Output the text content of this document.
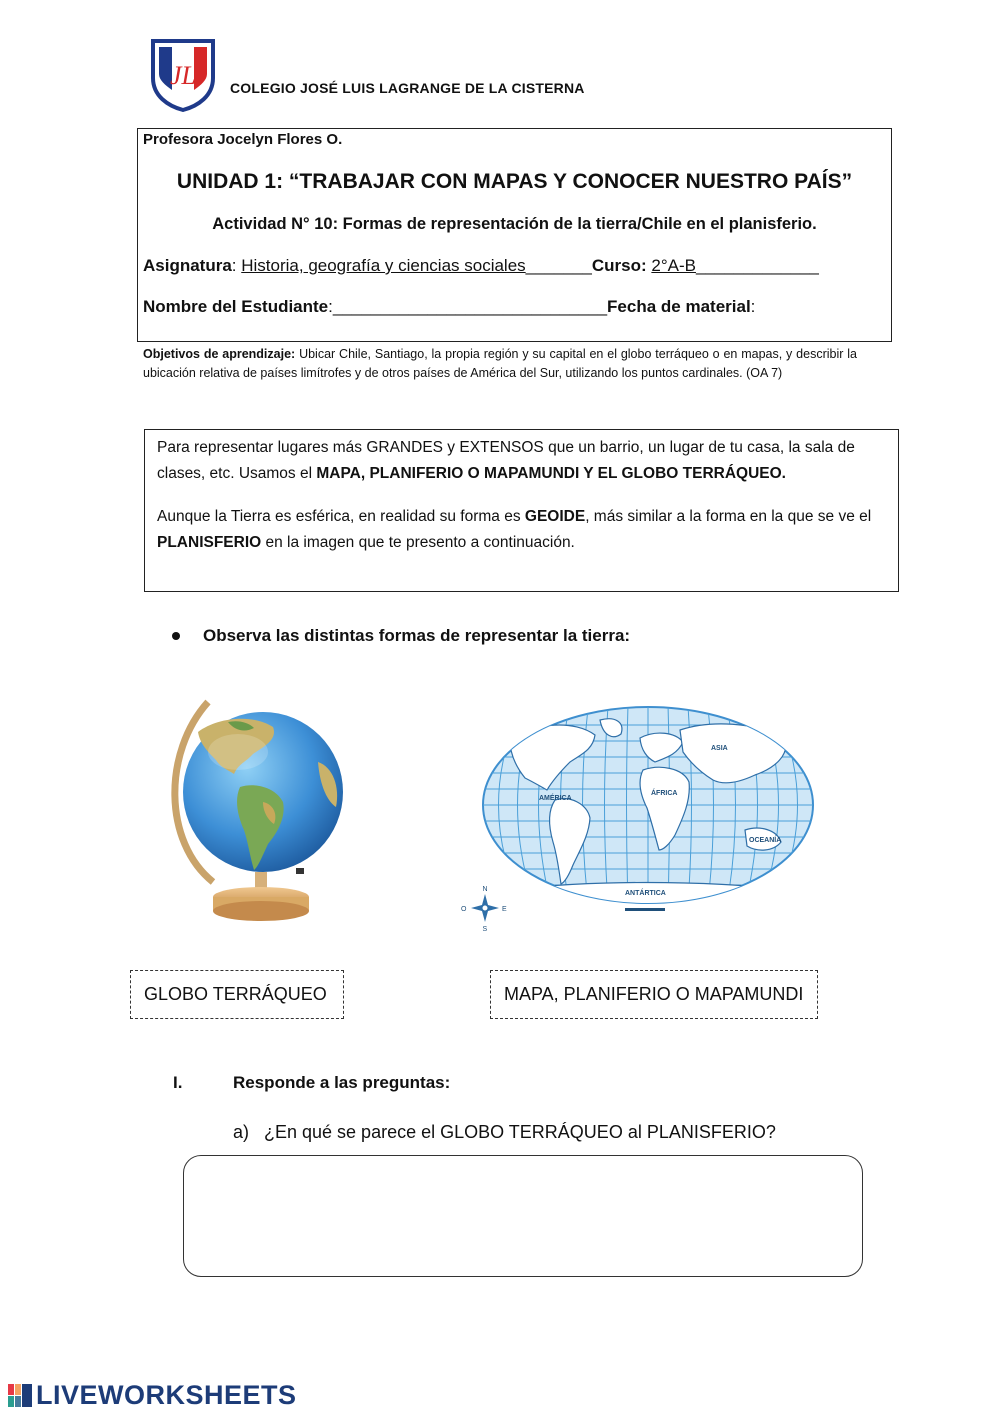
JL COLEGIO JOSÉ LUIS LAGRANGE DE LA CISTERNA
Profesora Jocelyn Flores O.
UNIDAD 1: “TRABAJAR CON MAPAS Y CONOCER NUESTRO PAÍS”
Actividad N° 10: Formas de representación de la tierra/Chile en el planisferio.
Asignatura: Historia, geografía y ciencias sociales_______Curso: 2°A-B_____________
Nombre del Estudiante:_____________________________Fecha de material:
Objetivos de aprendizaje: Ubicar Chile, Santiago, la propia región y su capital en el globo terráqueo o en mapas, y describir la ubicación relativa de países limítrofes y de otros países de América del Sur, utilizando los puntos cardinales. (OA 7)
Para representar lugares más GRANDES y EXTENSOS que un barrio, un lugar de tu casa, la sala de clases, etc. Usamos el MAPA, PLANIFERIO O MAPAMUNDI Y EL GLOBO TERRÁQUEO.
Aunque la Tierra es esférica, en realidad su forma es GEOIDE, más similar a la forma en la que se ve el PLANISFERIO en la imagen que te presento a continuación.
Observa las distintas formas de representar la tierra:
AMÉRICA
ÁFRICA
ASIA
OCEANÍA
ANTÁRTICA
N
S
E
O
GLOBO TERRÁQUEO	MAPA, PLANIFERIO O MAPAMUNDI
I.	Responde a las preguntas:
a) ¿En qué se parece el GLOBO TERRÁQUEO al PLANISFERIO?
LIVEWORKSHEETS
